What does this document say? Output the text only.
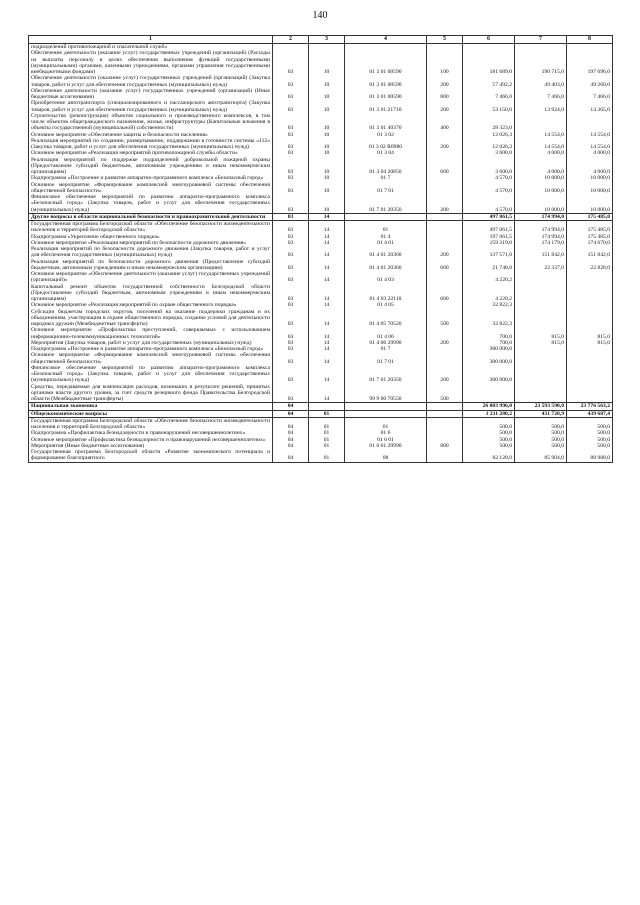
140
1	2	3	4	5	6	7	8
подразделений противопожарной и спасательной служб»							
Обеспечение деятельности (оказание услуг) государственных учреждений (организаций) (Расходы на выплаты персоналу в целях обеспечения выполнения функций государственными (муниципальными) органами, казенными учреждениями, органами управления государственными внебюджетными фондами)	03	10	01 3 01 00590	100	181 689,0	190 715,0	197 696,0
Обеспечение деятельности (оказание услуг) государственных учреждений (организаций) (Закупка товаров, работ и услуг для обеспечения государственных (муниципальных) нужд)	03	10	01 3 01 00590	200	57 492,2	49 403,0	49 260,0
Обеспечение деятельности (оказание услуг) государственных учреждений (организаций) (Иные бюджетные ассигнования)	03	10	01 3 01 00590	800	7 466,0	7 466,0	7 466,0
Приобретение автотранспорта (специализированного и пассажирского автотранспорта) (Закупка товаров, работ и услуг для обеспечения государственных (муниципальных) нужд)	03	10	01 3 01 21710	200	53 150,0	13 924,0	14 365,0
Строительство (реконструкция) объектов социального и производственного комплексов, в том числе объектов общегражданского назначения, жилья, инфраструктуры (Капитальные вложения в объекты государственной (муниципальной) собственности)	03	10	01 3 01 40370	400	28 323,0		
Основное мероприятие «Обеспечение защиты и безопасности населения»	03	10	01 3 02		12 026,3	14 554,0	14 554,0
Реализация мероприятий по созданию, развертыванию, поддержанию в готовности системы «112» (Закупка товаров, работ и услуг для обеспечения государственных (муниципальных) нужд)	03	10	01 3 02 R0980	200	12 026,3	14 554,0	14 554,0
Основное мероприятие «Реализация мероприятий противопожарной службы области»	03	10	01 3 04		3 600,0	4 000,0	4 000,0
Реализация мероприятий по поддержке подразделений добровольной пожарной охраны (Предоставление субсидий бюджетным, автономным учреждениям и иным некоммерческим организациям)	03	10	01 3 04 20850	600	3 600,0	4 000,0	4 000,0
Подпрограмма «Построение и развитие аппаратно-программного комплекса «Безопасный город»	03	10	01 7		4 570,0	10 000,0	10 000,0
Основное мероприятие «Формирование комплексной многоуровневой системы обеспечения общественной безопасности»	03	10	01 7 01		4 570,0	10 000,0	10 000,0
Финансовое обеспечение мероприятий по развитию аппаратно-программного комплекса «Безопасный город» (Закупка товаров, работ и услуг для обеспечения государственных (муниципальных) нужд)	03	10	01 7 01 20350	200	4 570,0	10 000,0	10 000,0
Другие вопросы в области национальной безопасности и правоохранительной деятельности	03	14			497 061,5	174 994,0	175 485,0
Государственная программа Белгородской области «Обеспечение безопасности жизнедеятельности населения и территорий Белгородской области»	03	14	01		497 061,5	174 994,0	175 485,0
Подпрограмма «Укрепление общественного порядка»	03	14	01 4		197 061,5	174 994,0	175 485,0
Основное мероприятие «Реализация мероприятий по безопасности дорожного движения»	03	14	01 4 01		159 319,0	174 179,0	174 670,0
Реализация мероприятий по безопасности дорожного движения (Закупка товаров, работ и услуг для обеспечения государственных (муниципальных) нужд)	03	14	01 4 01 20360	200	137 571,0	151 842,0	151 842,0
Реализация мероприятий по безопасности дорожного движения (Предоставление субсидий бюджетным, автономным учреждениям и иным некоммерческим организациям)	03	14	01 4 01 20360	600	21 748,0	22 337,0	22 828,0
Основное мероприятие «Обеспечение деятельности (оказание услуг) государственных учреждений (организаций)»	03	14	01 4 03		4 220,2		
Капитальный ремонт объектов государственной собственности Белгородской области (Предоставление субсидий бюджетным, автономным учреждениям и иным некоммерческим организациям)	03	14	01 4 03 22110	600	4 220,2		
Основное мероприятие «Реализация мероприятий по охране общественного порядка»	03	14	01 4 05		32 822,3		
Субсидии бюджетам городских округов, поселений на оказание поддержки гражданам и их объединениям, участвующим в охране общественного порядка, создание условий для деятельности народных дружин (Межбюджетные трансферты)	03	14	01 4 05 70520	500	32 822,3		
Основное мероприятие «Профилактика преступлений, совершаемых с использованием информационно-телекоммуникационных технологий»	03	14	01 4 06		700,0	815,0	815,0
Мероприятия (Закупка товаров, работ и услуг для государственных (муниципальных) нужд)	03	14	01 4 06 29990	200	700,0	815,0	815,0
Подпрограмма «Построение и развитие аппаратно-программного комплекса «Безопасный город»	03	14	01 7		300 000,0		
Основное мероприятие «Формирование комплексной многоуровневой системы обеспечения общественной безопасности»	03	14	01 7 01		300 000,0		
Финансовое обеспечение мероприятий по развитию аппаратно-программного комплекса «Безопасный город» (Закупка товаров, работ и услуг для обеспечения государственных (муниципальных) нужд)	03	14	01 7 01 20350	200	300 000,0		
Средства, передаваемые для компенсации расходов, возникших в результате решений, принятых органами власти другого уровня, за счет средств резервного фонда Правительства Белгородской области (Межбюджетные трансферты)	03	14	99 9 00 70550	500			
Национальная экономика	04				26 003 996,0	23 593 590,0	23 776 563,2
Общеэкономические вопросы	04	01			1 211 280,2	431 720,9	439 687,4
Государственная программа Белгородской области «Обеспечение безопасности жизнедеятельности населения и территорий Белгородской области»	04	01	01		500,0	500,0	500,0
Подпрограмма «Профилактика безнадзорности и правонарушений несовершеннолетних»	04	01	01 6		500,0	500,0	500,0
Основное мероприятие «Профилактика безнадзорности и правонарушений несовершеннолетних»	04	01	01 6 01		500,0	500,0	500,0
Мероприятия (Иные бюджетные ассигнования)	04	01	01 6 01 29990	800	500,0	500,0	500,0
Государственная программа Белгородской области «Развитие экономического потенциала и формирование благоприятного	04	01	08		82 128,0	85 904,0	88 988,0
